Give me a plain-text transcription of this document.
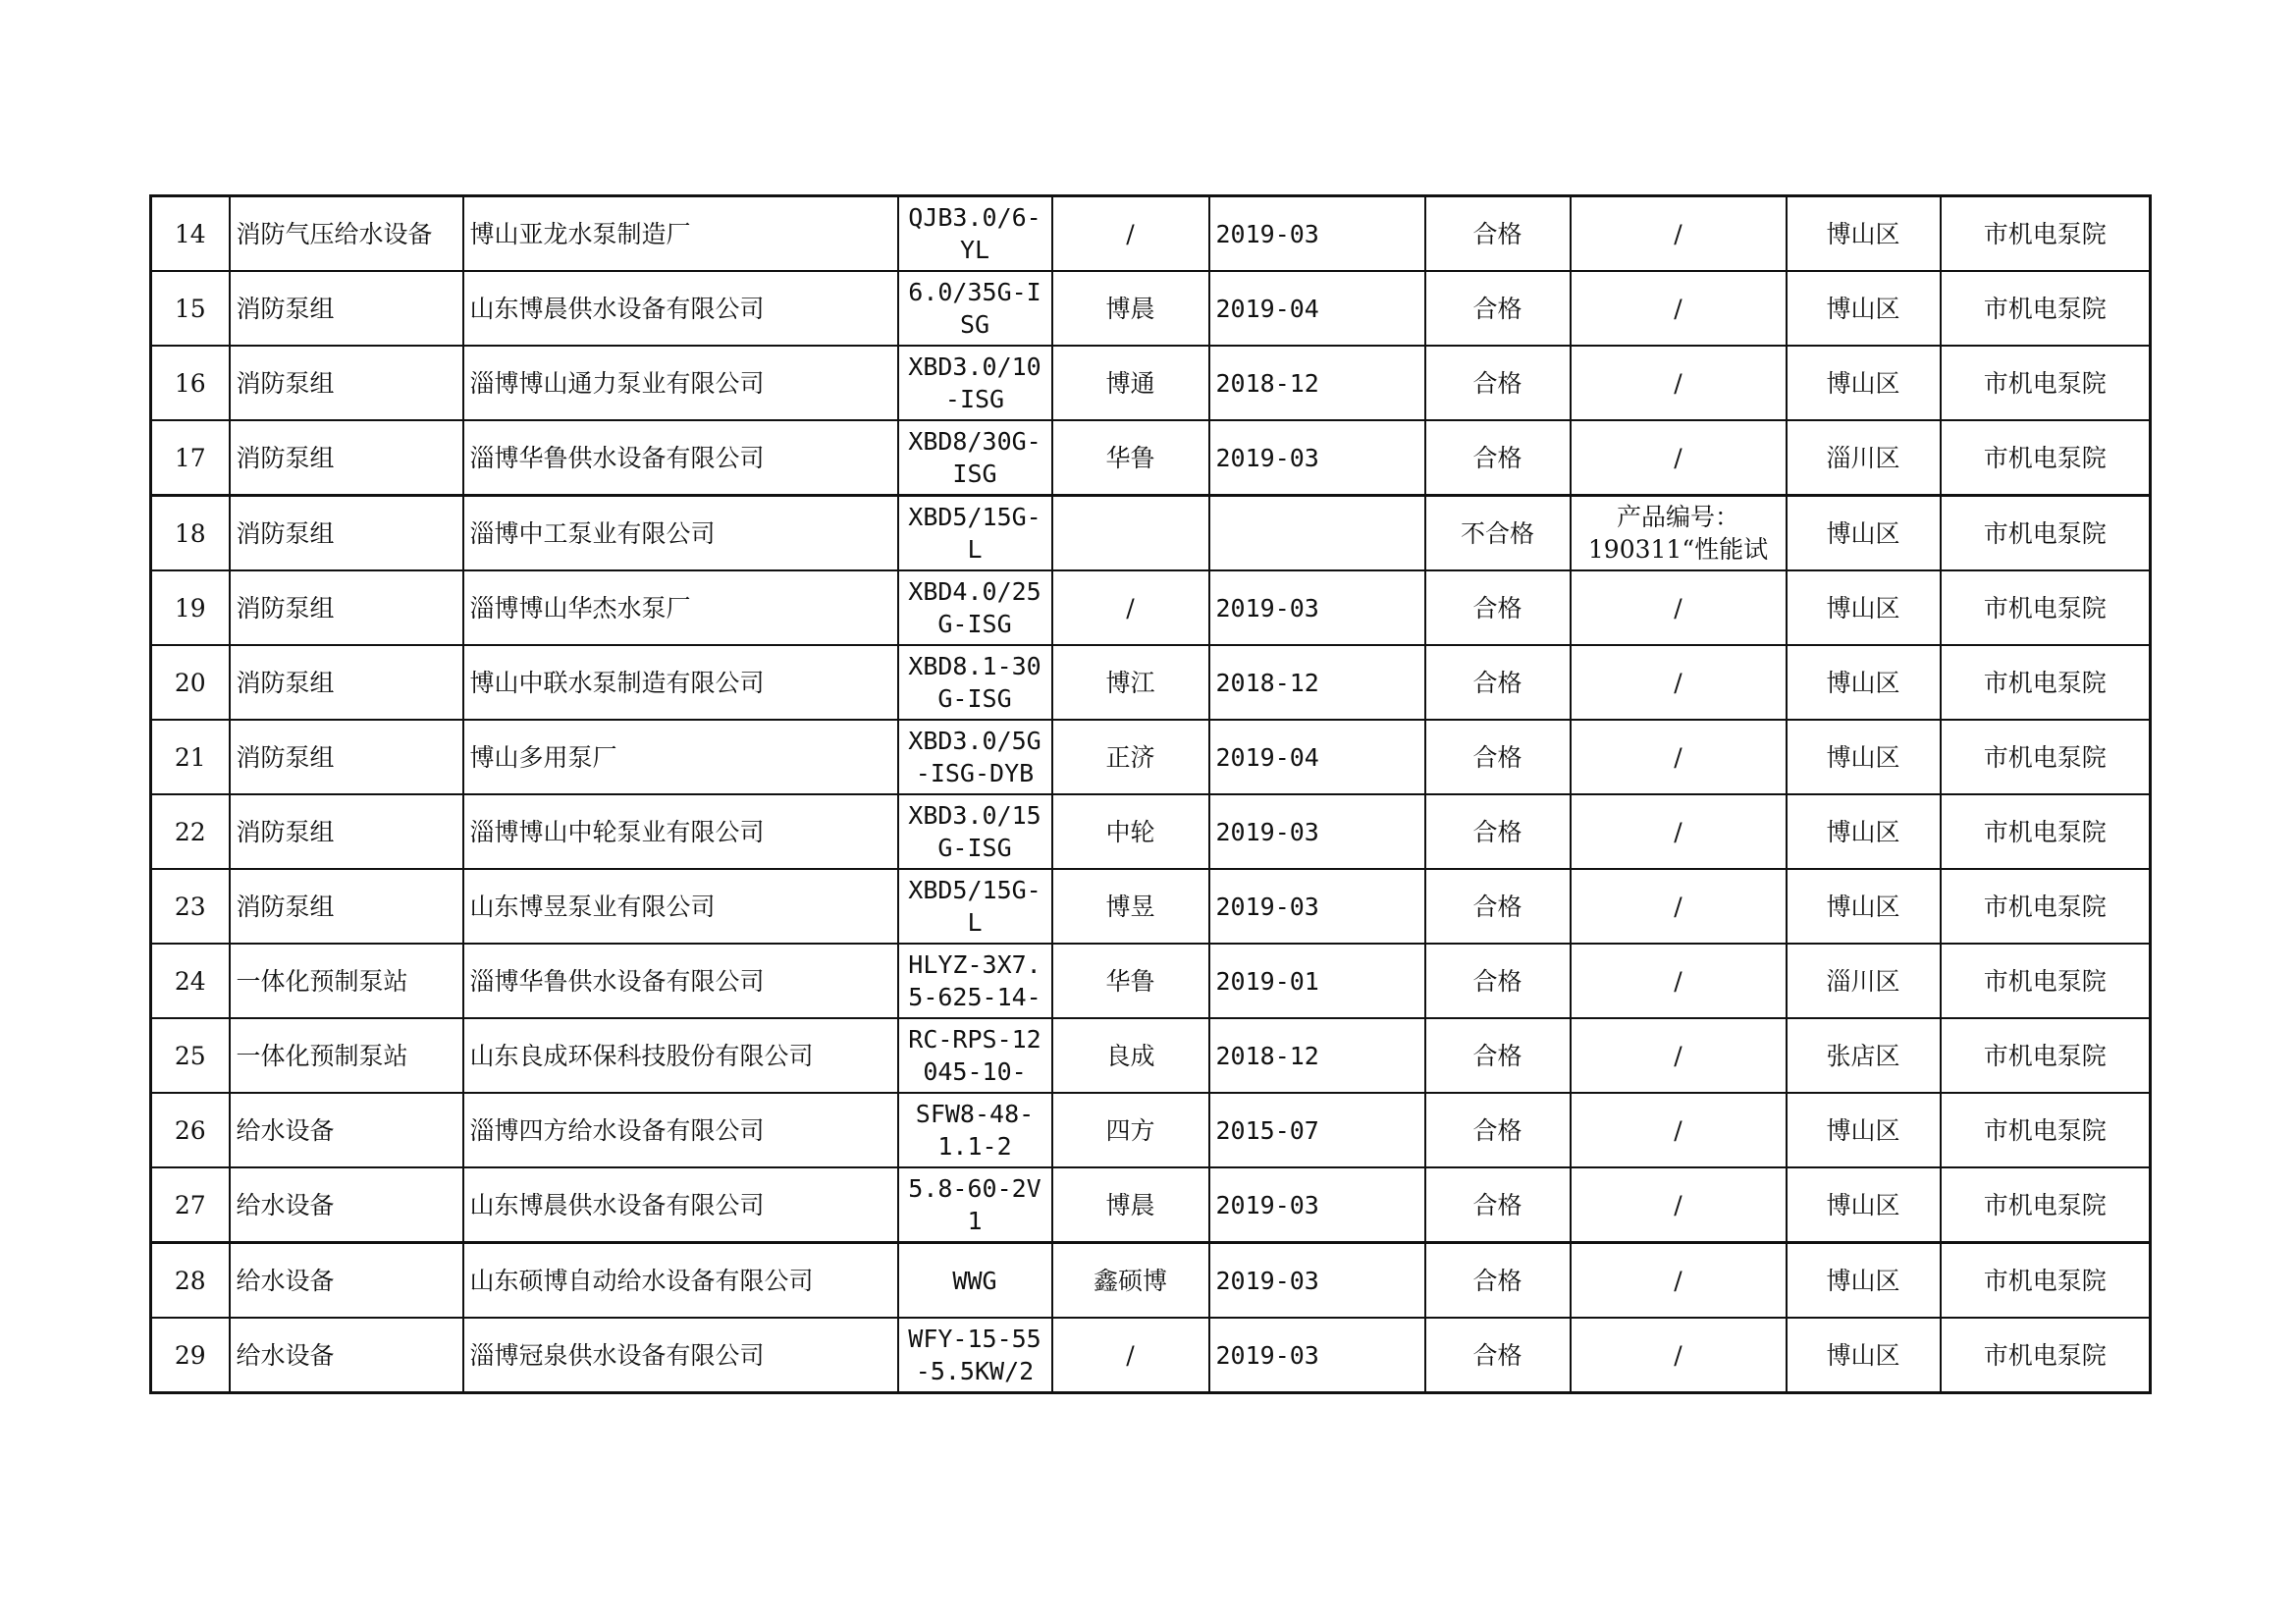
14	消防气压给水设备	博山亚龙水泵制造厂	QJB3.0/6-YL	/	2019-03	合格	/	博山区	市机电泵院

15	消防泵组	山东博晨供水设备有限公司	6.0/35G-ISG	博晨	2019-04	合格	/	博山区	市机电泵院

16	消防泵组	淄博博山通力泵业有限公司	XBD3.0/10-ISG	博通	2018-12	合格	/	博山区	市机电泵院

17	消防泵组	淄博华鲁供水设备有限公司	XBD8/30G-ISG	华鲁	2019-03	合格	/	淄川区	市机电泵院

18	消防泵组	淄博中工泵业有限公司	XBD5/15G-L			不合格	产品编号：190311“性能试	博山区	市机电泵院

19	消防泵组	淄博博山华杰水泵厂	XBD4.0/25G-ISG	/	2019-03	合格	/	博山区	市机电泵院

20	消防泵组	博山中联水泵制造有限公司	XBD8.1-30G-ISG	博江	2018-12	合格	/	博山区	市机电泵院

21	消防泵组	博山多用泵厂	XBD3.0/5G-ISG-DYB	正济	2019-04	合格	/	博山区	市机电泵院

22	消防泵组	淄博博山中轮泵业有限公司	XBD3.0/15G-ISG	中轮	2019-03	合格	/	博山区	市机电泵院

23	消防泵组	山东博昱泵业有限公司	XBD5/15G-L	博昱	2019-03	合格	/	博山区	市机电泵院

24	一体化预制泵站	淄博华鲁供水设备有限公司	HLYZ-3X7.5-625-14-	华鲁	2019-01	合格	/	淄川区	市机电泵院

25	一体化预制泵站	山东良成环保科技股份有限公司	RC-RPS-12045-10-	良成	2018-12	合格	/	张店区	市机电泵院

26	给水设备	淄博四方给水设备有限公司	SFW8-48-1.1-2	四方	2015-07	合格	/	博山区	市机电泵院

27	给水设备	山东博晨供水设备有限公司	5.8-60-2V1	博晨	2019-03	合格	/	博山区	市机电泵院

28	给水设备	山东硕博自动给水设备有限公司	WWG	鑫硕博	2019-03	合格	/	博山区	市机电泵院

29	给水设备	淄博冠泉供水设备有限公司	WFY-15-55-5.5KW/2	/	2019-03	合格	/	博山区	市机电泵院
